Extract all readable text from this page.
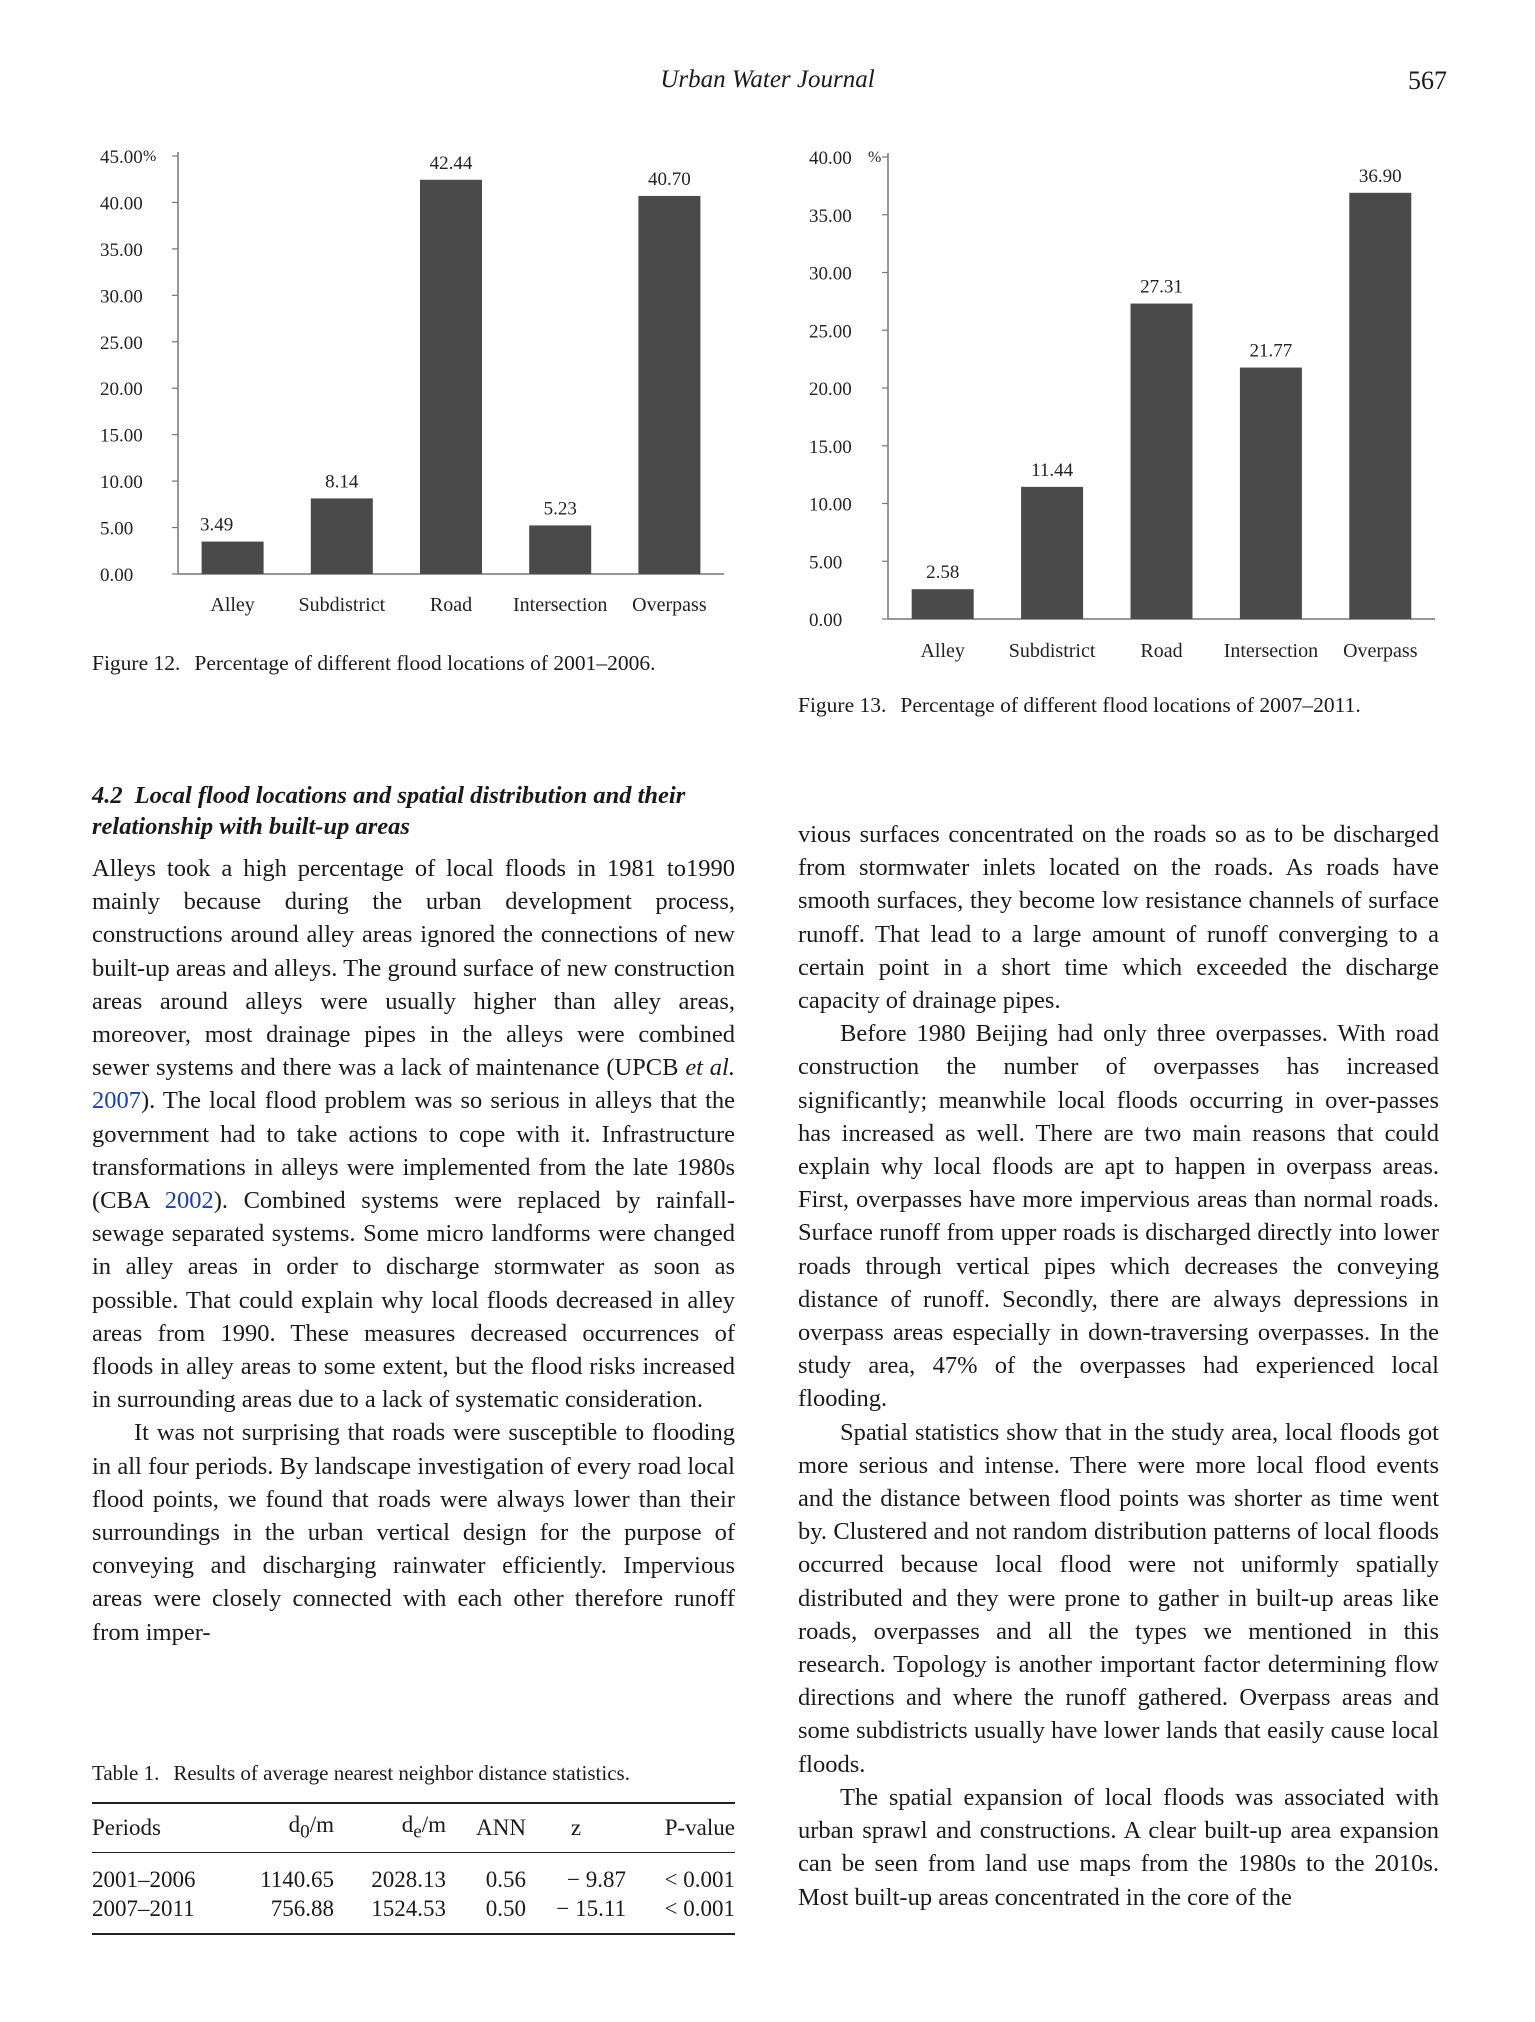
Urban Water Journal	567
0.00
5.00
10.00
15.00
20.00
25.00
30.00
35.00
40.00
45.00 %
3.49
Alley
8.14
Subdistrict
42.44
Road
5.23
Intersection
40.70
Overpass
Figure 12. Percentage of different flood locations of 2001–2006.
0.00
5.00
10.00
15.00
20.00
25.00
30.00
35.00
40.00 %
2.58
Alley
11.44
Subdistrict
27.31
Road
21.77
Intersection
36.90
Overpass
Figure 13. Percentage of different flood locations of 2007–2011.
4.2 Local flood locations and spatial distribution and their relationship with built-up areas

Alleys took a high percentage of local floods in 1981 to1990 mainly because during the urban development process, constructions around alley areas ignored the connections of new built-up areas and alleys. The ground surface of new construction areas around alleys were usually higher than alley areas, moreover, most drainage pipes in the alleys were combined sewer systems and there was a lack of maintenance (UPCB et al. 2007). The local flood problem was so serious in alleys that the government had to take actions to cope with it. Infrastructure transformations in alleys were implemented from the late 1980s (CBA 2002). Combined systems were replaced by rainfall-sewage separated systems. Some micro landforms were changed in alley areas in order to discharge stormwater as soon as possible. That could explain why local floods decreased in alley areas from 1990. These measures decreased occurrences of floods in alley areas to some extent, but the flood risks increased in surrounding areas due to a lack of systematic consideration.

It was not surprising that roads were susceptible to flooding in all four periods. By landscape investigation of every road local flood points, we found that roads were always lower than their surroundings in the urban vertical design for the purpose of conveying and discharging rainwater efficiently. Impervious areas were closely connected with each other therefore runoff from imper-

Table 1. Results of average nearest neighbor distance statistics.
Periods	$d_0/m$	$d_e/m$	ANN	z	P-value
2001–2006	1140.65	2028.13	0.56	− 9.87	< 0.001
2007–2011	756.88	1524.53	0.50	− 15.11	< 0.001

vious surfaces concentrated on the roads so as to be discharged from stormwater inlets located on the roads. As roads have smooth surfaces, they become low resistance channels of surface runoff. That lead to a large amount of runoff converging to a certain point in a short time which exceeded the discharge capacity of drainage pipes.

Before 1980 Beijing had only three overpasses. With road construction the number of overpasses has increased significantly; meanwhile local floods occurring in over-passes has increased as well. There are two main reasons that could explain why local floods are apt to happen in overpass areas. First, overpasses have more impervious areas than normal roads. Surface runoff from upper roads is discharged directly into lower roads through vertical pipes which decreases the conveying distance of runoff. Secondly, there are always depressions in overpass areas especially in down-traversing overpasses. In the study area, 47% of the overpasses had experienced local flooding.

Spatial statistics show that in the study area, local floods got more serious and intense. There were more local flood events and the distance between flood points was shorter as time went by. Clustered and not random distribution patterns of local floods occurred because local flood were not uniformly spatially distributed and they were prone to gather in built-up areas like roads, overpasses and all the types we mentioned in this research. Topology is another important factor determining flow directions and where the runoff gathered. Overpass areas and some subdistricts usually have lower lands that easily cause local floods.

The spatial expansion of local floods was associated with urban sprawl and constructions. A clear built-up area expansion can be seen from land use maps from the 1980s to the 2010s. Most built-up areas concentrated in the core of the
